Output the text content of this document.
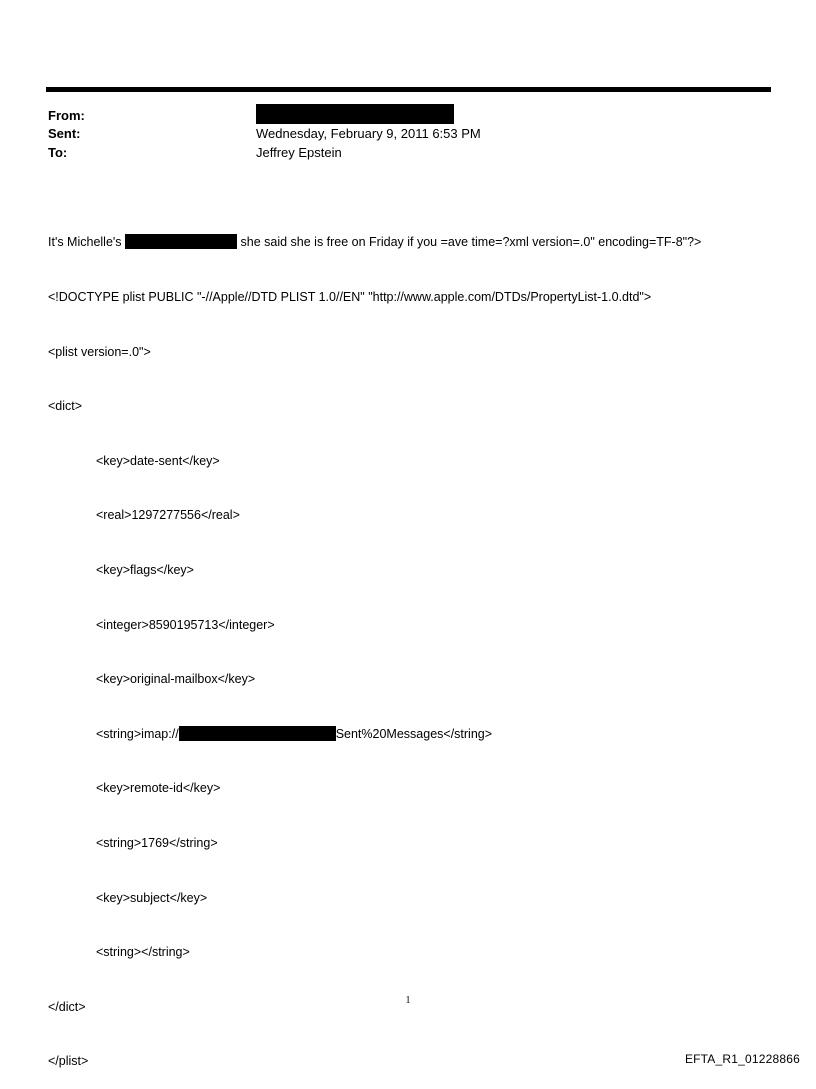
From:
Sent:	Wednesday, February 9, 2011 6:53 PM
To:	Jeffrey Epstein

It's Michelle's	she said she is free on Friday if you =ave time=?xml version=.0" encoding=TF-8"?>

<!DOCTYPE plist PUBLIC "-//Apple//DTD PLIST 1.0//EN" "http://www.apple.com/DTDs/PropertyList-1.0.dtd">

<plist version=.0">

<dict>

<key>date-sent</key>

<real>1297277556</real>

<key>flags</key>

<integer>8590195713</integer>

<key>original-mailbox</key>

<string>imap://	Sent%20Messages</string>

<key>remote-id</key>

<string>1769</string>

<key>subject</key>

<string></string>

</dict>

</plist>

1
EFTA_R1_01228866
